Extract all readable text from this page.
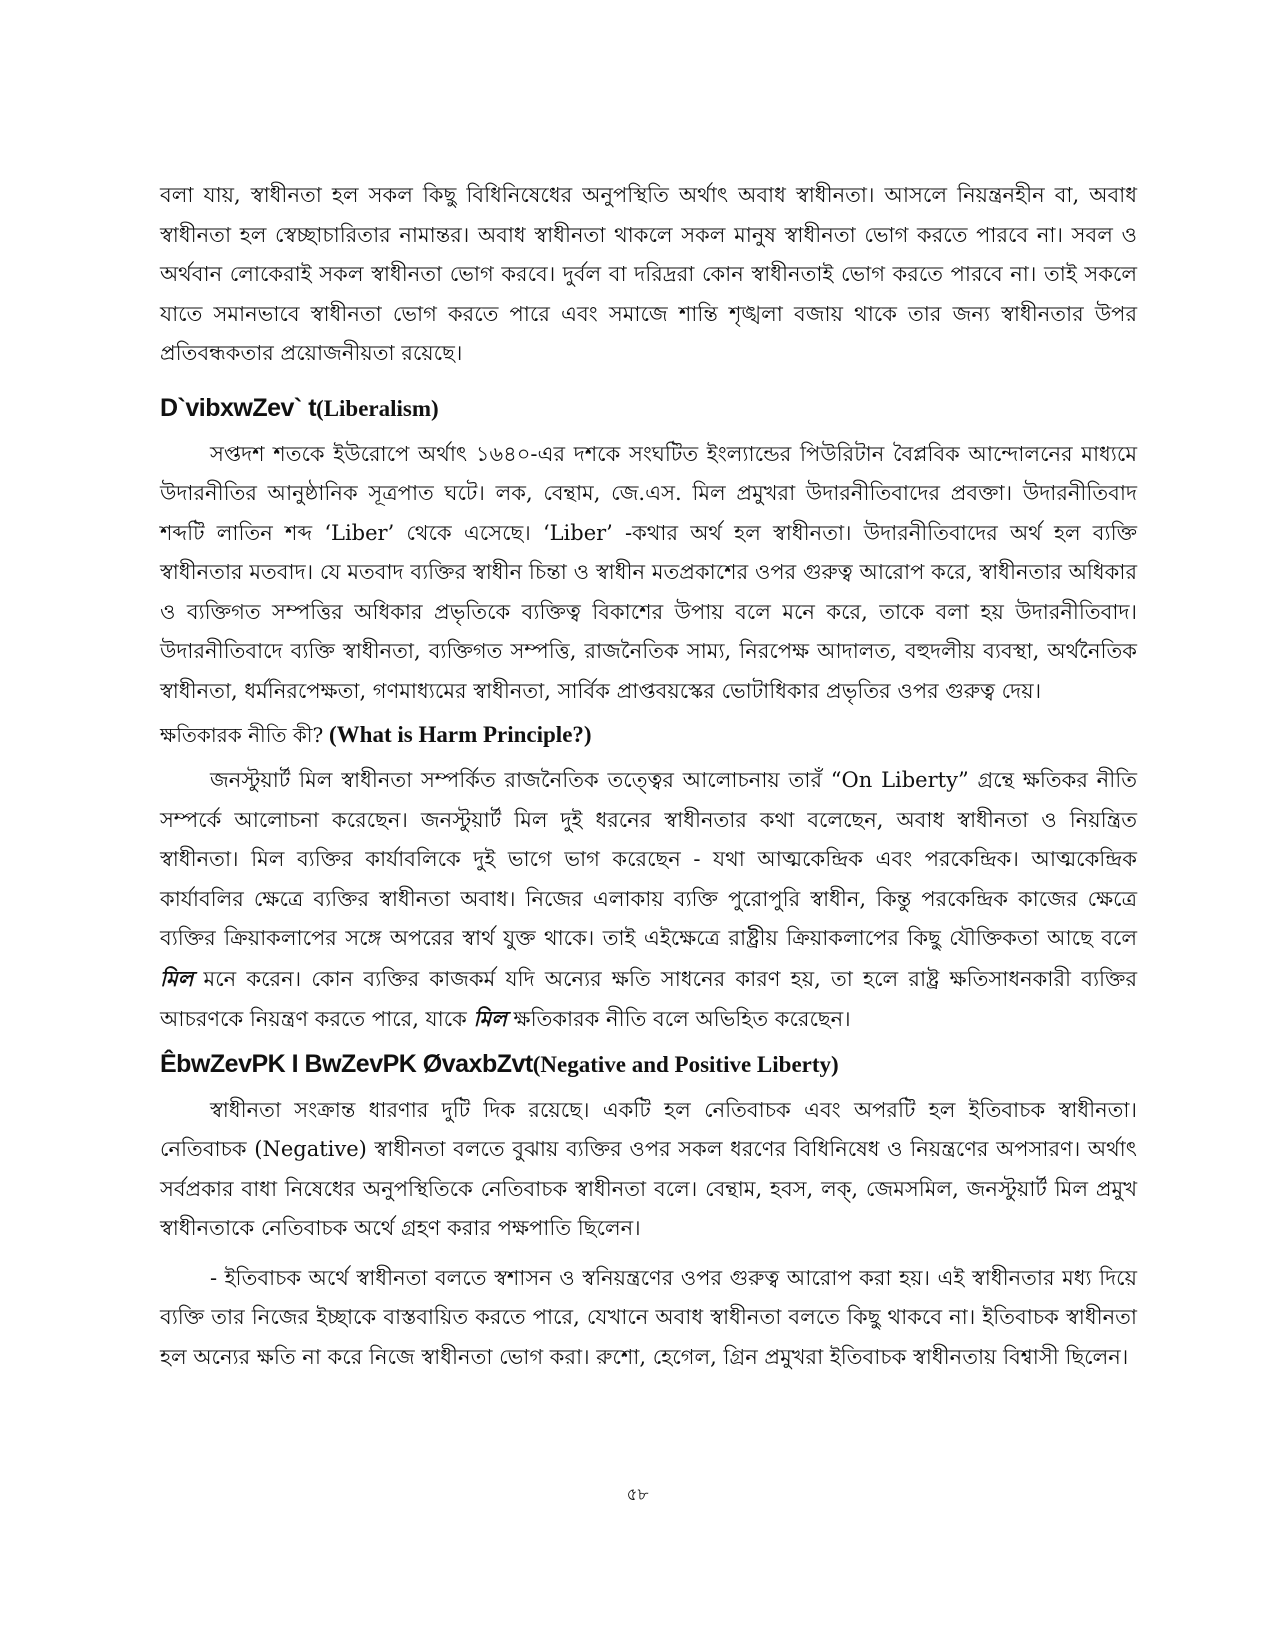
বলা যায়, স্বাধীনতা হল সকল কিছু বিধিনিষেধের অনুপস্থিতি অর্থাৎ অবাধ স্বাধীনতা। আসলে নিয়ন্ত্রনহীন বা, অবাধ স্বাধীনতা হল স্বেচ্ছাচারিতার নামান্তর। অবাধ স্বাধীনতা থাকলে সকল মানুষ স্বাধীনতা ভোগ করতে পারবে না। সবল ও অর্থবান লোকেরাই সকল স্বাধীনতা ভোগ করবে। দুর্বল বা দরিদ্ররা কোন স্বাধীনতাই ভোগ করতে পারবে না। তাই সকলে যাতে সমানভাবে স্বাধীনতা ভোগ করতে পারে এবং সমাজে শান্তি শৃঙ্খলা বজায় থাকে তার জন্য স্বাধীনতার উপর প্রতিবন্ধকতার প্রয়োজনীয়তা রয়েছে।

D`vibxwZev` t(Liberalism)

সপ্তদশ শতকে ইউরোপে অর্থাৎ ১৬৪০-এর দশকে সংঘটিত ইংল্যান্ডের পিউরিটান বৈপ্লবিক আন্দোলনের মাধ্যমে উদারনীতির আনুষ্ঠানিক সূত্রপাত ঘটে। লক, বেন্থাম, জে.এস. মিল প্রমুখরা উদারনীতিবাদের প্রবক্তা। উদারনীতিবাদ শব্দটি লাতিন শব্দ ‘Liber’ থেকে এসেছে। ‘Liber’ -কথার অর্থ হল স্বাধীনতা। উদারনীতিবাদের অর্থ হল ব্যক্তি স্বাধীনতার মতবাদ। যে মতবাদ ব্যক্তির স্বাধীন চিন্তা ও স্বাধীন মতপ্রকাশের ওপর গুরুত্ব আরোপ করে, স্বাধীনতার অধিকার ও ব্যক্তিগত সম্পত্তির অধিকার প্রভৃতিকে ব্যক্তিত্ব বিকাশের উপায় বলে মনে করে, তাকে বলা হয় উদারনীতিবাদ। উদারনীতিবাদে ব্যক্তি স্বাধীনতা, ব্যক্তিগত সম্পত্তি, রাজনৈতিক সাম্য, নিরপেক্ষ আদালত, বহুদলীয় ব্যবস্থা, অর্থনৈতিক স্বাধীনতা, ধর্মনিরপেক্ষতা, গণমাধ্যমের স্বাধীনতা, সার্বিক প্রাপ্তবয়স্কের ভোটাধিকার প্রভৃতির ওপর গুরুত্ব দেয়।

ক্ষতিকারক নীতি কী? (What is Harm Principle?)

জনস্টুয়ার্ট মিল স্বাধীনতা সম্পর্কিত রাজনৈতিক তত্ত্বের আলোচনায় তারঁ “On Liberty” গ্রন্থে ক্ষতিকর নীতি সম্পর্কে আলোচনা করেছেন। জনস্টুয়ার্ট মিল দুই ধরনের স্বাধীনতার কথা বলেছেন, অবাধ স্বাধীনতা ও নিয়ন্ত্রিত স্বাধীনতা। মিল ব্যক্তির কার্যাবলিকে দুই ভাগে ভাগ করেছেন - যথা আত্মকেন্দ্রিক এবং পরকেন্দ্রিক। আত্মকেন্দ্রিক কার্যাবলির ক্ষেত্রে ব্যক্তির স্বাধীনতা অবাধ। নিজের এলাকায় ব্যক্তি পুরোপুরি স্বাধীন, কিন্তু পরকেন্দ্রিক কাজের ক্ষেত্রে ব্যক্তির ক্রিয়াকলাপের সঙ্গে অপরের স্বার্থ যুক্ত থাকে। তাই এইক্ষেত্রে রাষ্ট্রীয় ক্রিয়াকলাপের কিছু যৌক্তিকতা আছে বলে মিল মনে করেন। কোন ব্যক্তির কাজকর্ম যদি অন্যের ক্ষতি সাধনের কারণ হয়, তা হলে রাষ্ট্র ক্ষতিসাধনকারী ব্যক্তির আচরণকে নিয়ন্ত্রণ করতে পারে, যাকে মিল ক্ষতিকারক নীতি বলে অভিহিত করেছেন।

ÊbwZevPK I BwZevPK ØvaxbZvt(Negative and Positive Liberty)

স্বাধীনতা সংক্রান্ত ধারণার দুটি দিক রয়েছে। একটি হল নেতিবাচক এবং অপরটি হল ইতিবাচক স্বাধীনতা। নেতিবাচক (Negative) স্বাধীনতা বলতে বুঝায় ব্যক্তির ওপর সকল ধরণের বিধিনিষেধ ও নিয়ন্ত্রণের অপসারণ। অর্থাৎ সর্বপ্রকার বাধা নিষেধের অনুপস্থিতিকে নেতিবাচক স্বাধীনতা বলে। বেন্থাম, হবস, লক্, জেমসমিল, জনস্টুয়ার্ট মিল প্রমুখ স্বাধীনতাকে নেতিবাচক অর্থে গ্রহণ করার পক্ষপাতি ছিলেন।

- ইতিবাচক অর্থে স্বাধীনতা বলতে স্বশাসন ও স্বনিয়ন্ত্রণের ওপর গুরুত্ব আরোপ করা হয়। এই স্বাধীনতার মধ্য দিয়ে ব্যক্তি তার নিজের ইচ্ছাকে বাস্তবায়িত করতে পারে, যেখানে অবাধ স্বাধীনতা বলতে কিছু থাকবে না। ইতিবাচক স্বাধীনতা হল অন্যের ক্ষতি না করে নিজে স্বাধীনতা ভোগ করা। রুশো, হেগেল, গ্রিন প্রমুখরা ইতিবাচক স্বাধীনতায় বিশ্বাসী ছিলেন।

৫৮
